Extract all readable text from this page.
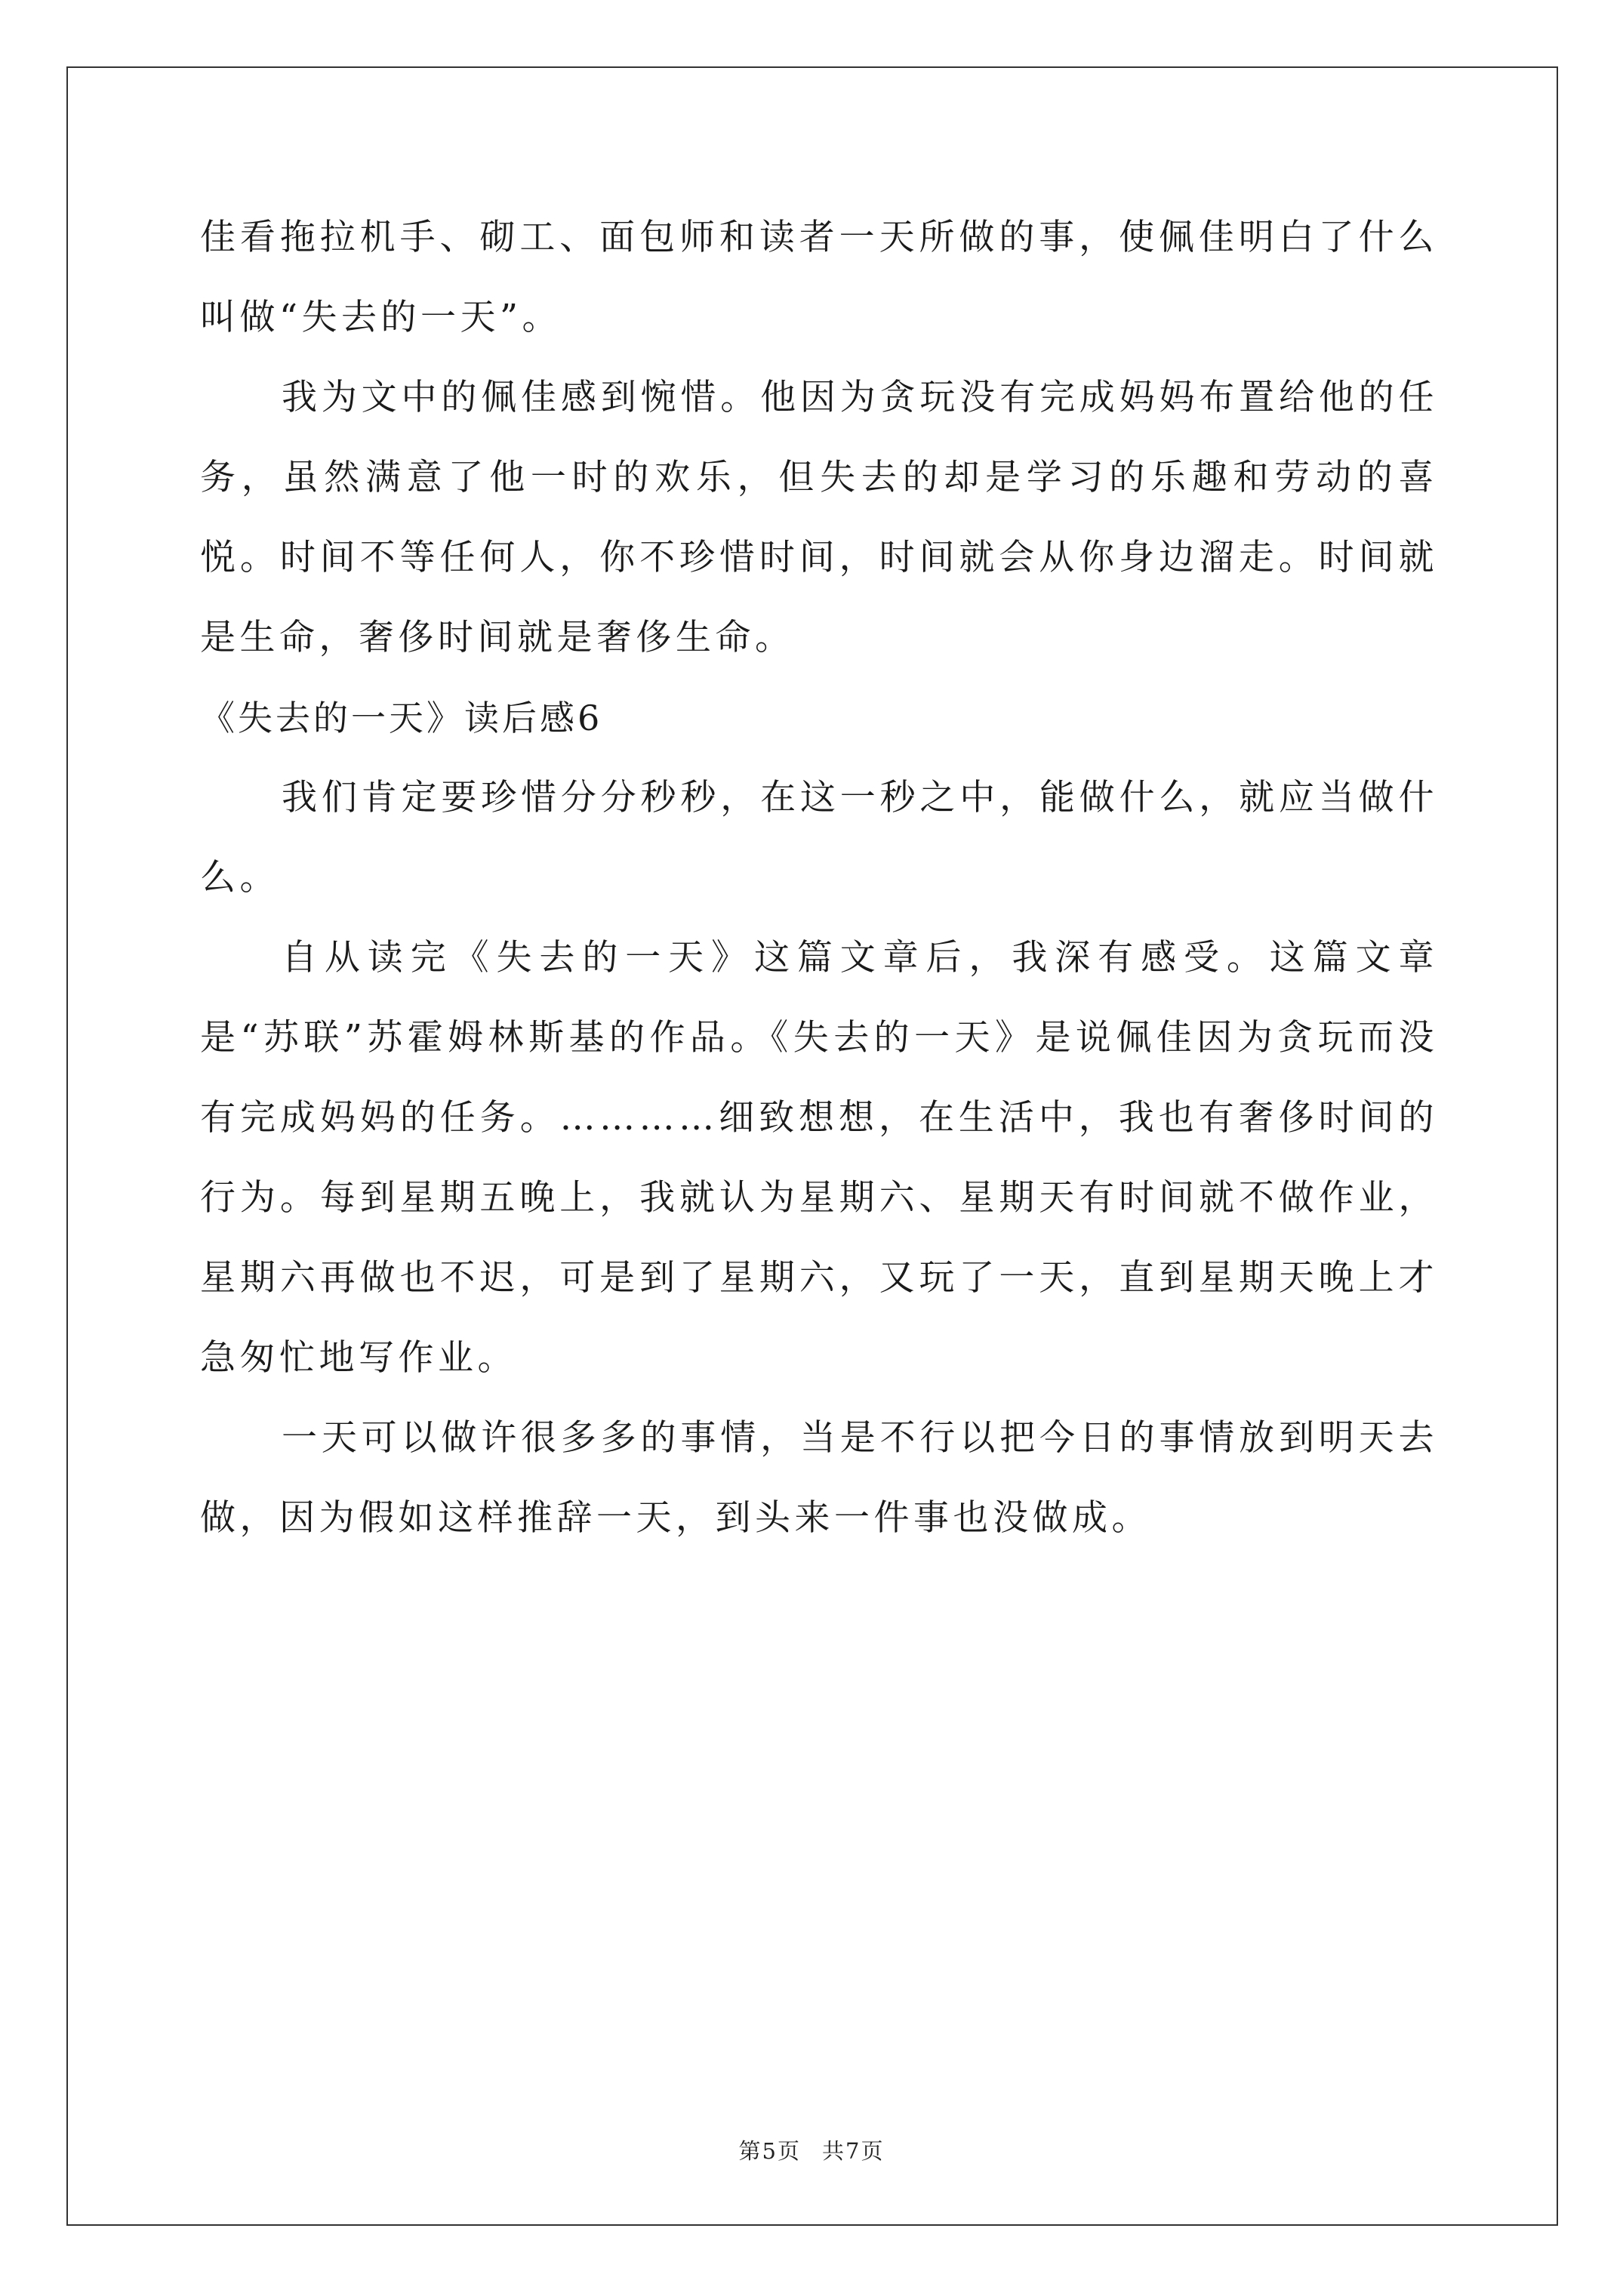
佳看拖拉机手、砌工、面包师和读者一天所做的事，使佩佳明白了什么叫做“失去的一天”。

我为文中的佩佳感到惋惜。他因为贪玩没有完成妈妈布置给他的任务，虽然满意了他一时的欢乐，但失去的却是学习的乐趣和劳动的喜悦。时间不等任何人，你不珍惜时间，时间就会从你身边溜走。时间就是生命，奢侈时间就是奢侈生命。

《失去的一天》读后感6

我们肯定要珍惜分分秒秒，在这一秒之中，能做什么，就应当做什么。

自从读完《失去的一天》这篇文章后，我深有感受。这篇文章是“苏联”苏霍姆林斯基的作品。《失去的一天》是说佩佳因为贪玩而没有完成妈妈的任务。…………细致想想，在生活中，我也有奢侈时间的行为。每到星期五晚上，我就认为星期六、星期天有时间就不做作业，星期六再做也不迟，可是到了星期六，又玩了一天，直到星期天晚上才急匆忙地写作业。

一天可以做许很多多的事情，当是不行以把今日的事情放到明天去做，因为假如这样推辞一天，到头来一件事也没做成。

第5页 共7页
